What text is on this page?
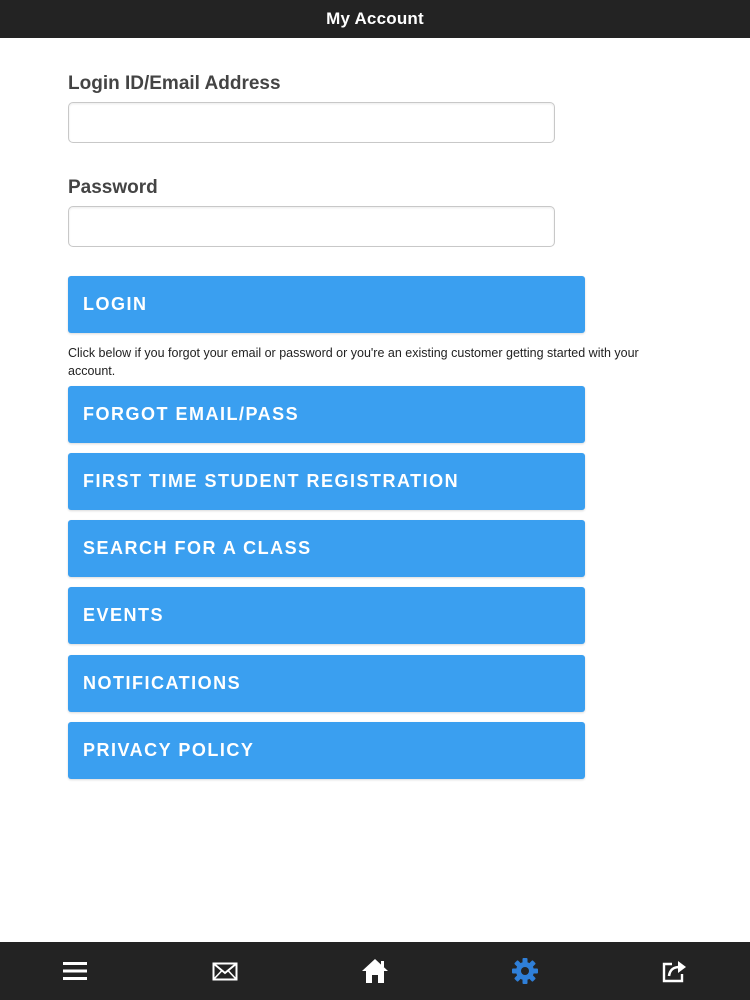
My Account
Login ID/Email Address
Password
LOGIN

Click below if you forgot your email or password or you're an existing customer getting started with your account.

FORGOT EMAIL/PASS
FIRST TIME STUDENT REGISTRATION
SEARCH FOR A CLASS
EVENTS
NOTIFICATIONS
PRIVACY POLICY
